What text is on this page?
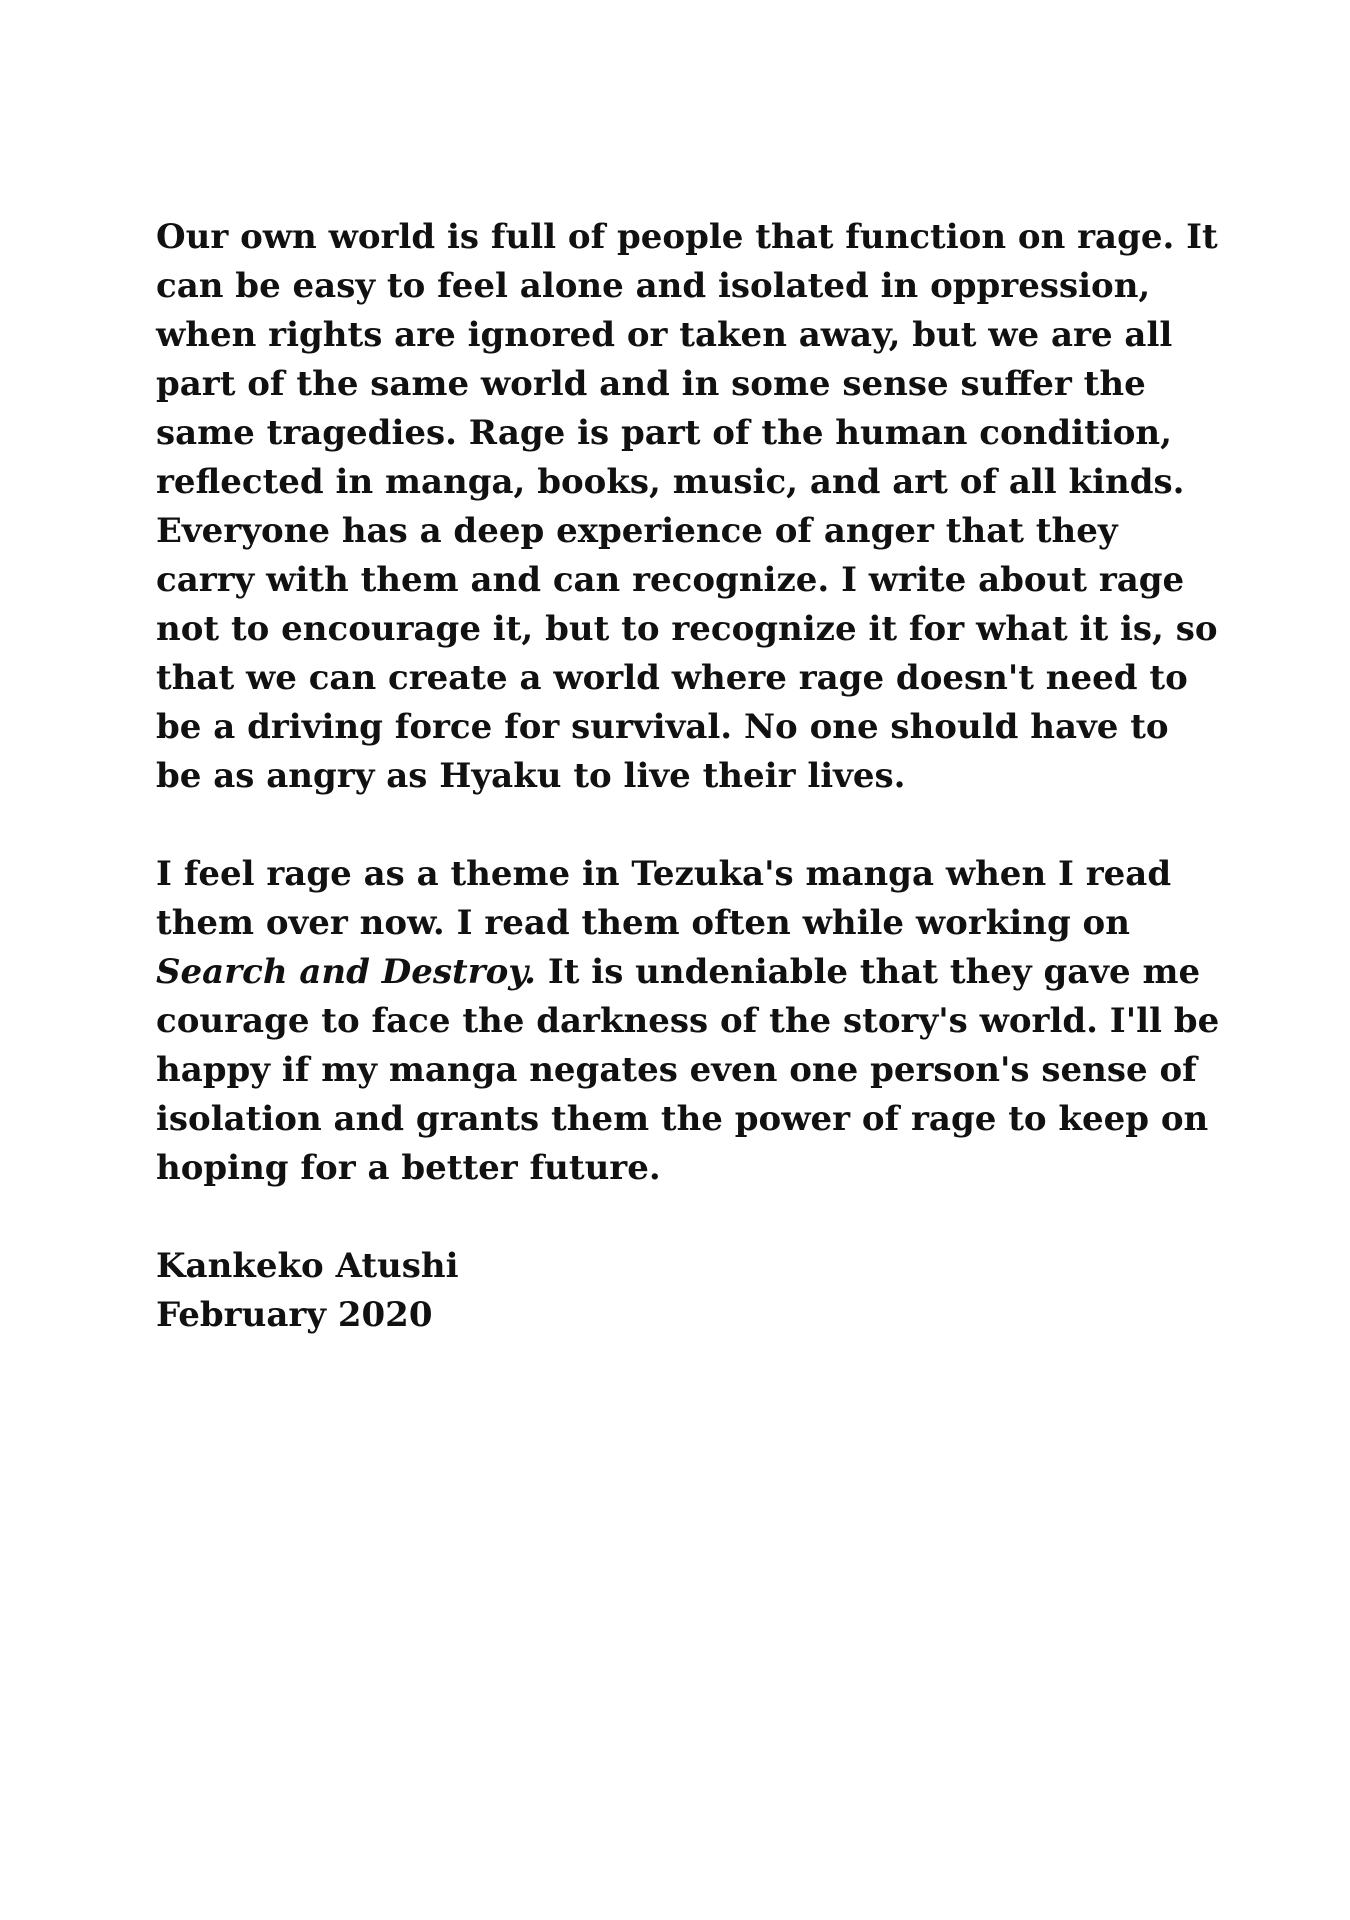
Our own world is full of people that function on rage. It
can be easy to feel alone and isolated in oppression,
when rights are ignored or taken away, but we are all
part of the same world and in some sense suffer the
same tragedies. Rage is part of the human condition,
reflected in manga, books, music, and art of all kinds.
Everyone has a deep experience of anger that they
carry with them and can recognize. I write about rage
not to encourage it, but to recognize it for what it is, so
that we can create a world where rage doesn't need to
be a driving force for survival. No one should have to
be as angry as Hyaku to live their lives.
I feel rage as a theme in Tezuka's manga when I read
them over now. I read them often while working on
Search and Destroy. It is undeniable that they gave me
courage to face the darkness of the story's world. I'll be
happy if my manga negates even one person's sense of
isolation and grants them the power of rage to keep on
hoping for a better future.
Kankeko Atushi
February 2020
